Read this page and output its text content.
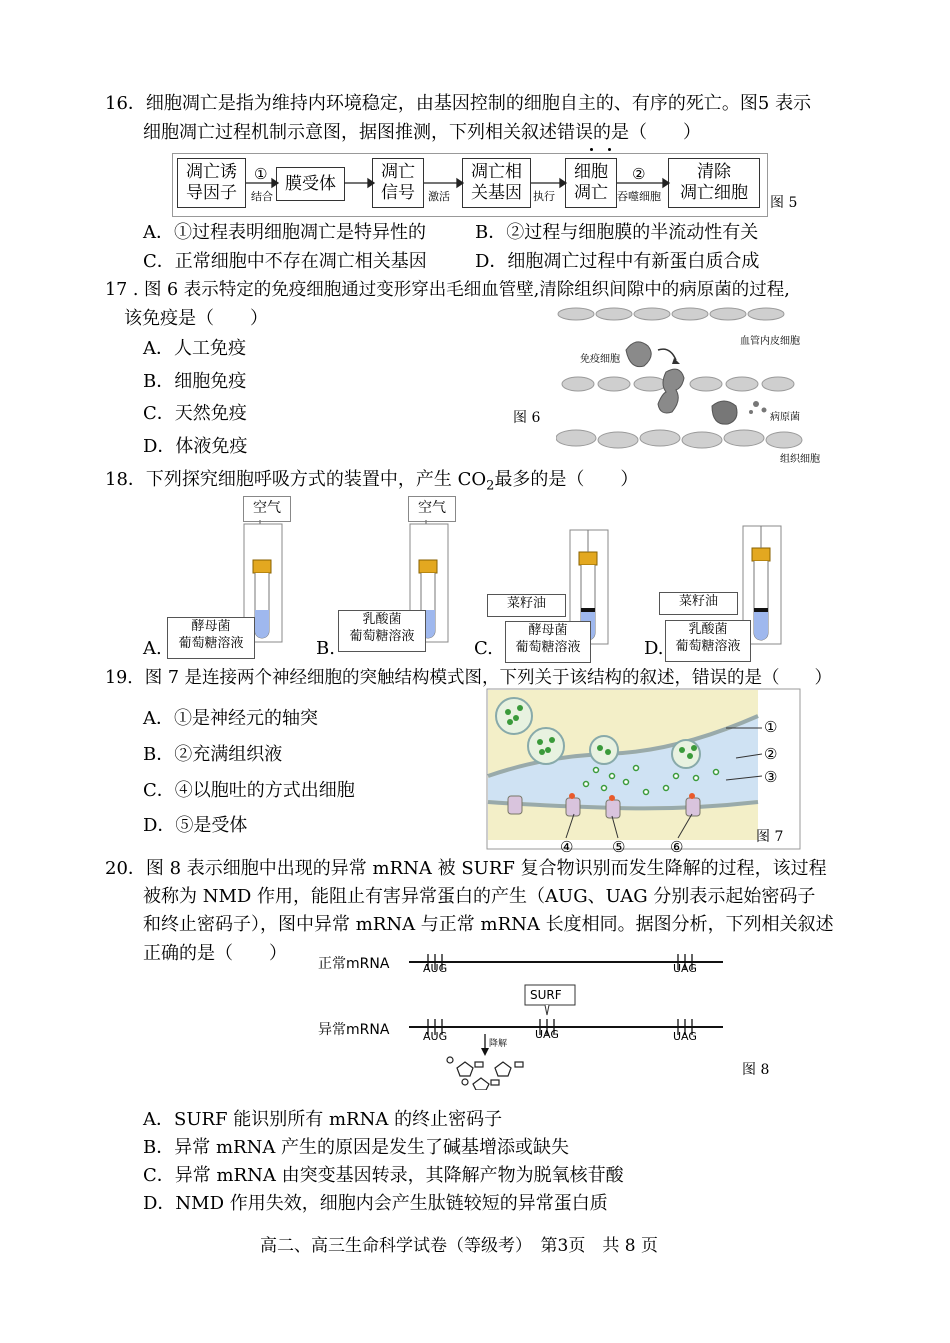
16．细胞凋亡是指为维持内环境稳定，由基因控制的细胞自主的、有序的死亡。图5 表示
细胞凋亡过程机制示意图，据图推测，下列相关叙述错误的是（　　）
凋亡诱
导因子	膜受体
凋亡
信号
凋亡相
关基因
细胞
凋亡
清除
凋亡细胞
①
结合	激活	执行
②
吞噬细胞	图 5
A．①过程表明细胞凋亡是特异性的	B．②过程与细胞膜的半流动性有关
C．正常细胞中不存在凋亡相关基因	D．细胞凋亡过程中有新蛋白质合成
17 . 图 6 表示特定的免疫细胞通过变形穿出毛细血管壁,清除组织间隙中的病原菌的过程,
该免疫是（　　）
A．人工免疫
B．细胞免疫
C．天然免疫
D．体液免疫
图 6
血管内皮细胞
免疫细胞
病原菌
组织细胞
18．下列探究细胞呼吸方式的装置中，产生 $CO_2$最多的是（　　）
A.
空气
酵母菌
葡萄糖溶液	B.
空气
乳酸菌
葡萄糖溶液
C.
菜籽油
酵母菌
葡萄糖溶液	D.
菜籽油
乳酸菌
葡萄糖溶液
19．图 7 是连接两个神经细胞的突触结构模式图，下列关于该结构的叙述，错误的是（　　）
A．①是神经元的轴突
B．②充满组织液
C．④以胞吐的方式出细胞
D．⑤是受体
①
②
③
④	⑤	⑥
图 7
20．图 8 表示细胞中出现的异常 mRNA 被 SURF 复合物识别而发生降解的过程，该过程
被称为 NMD 作用，能阻止有害异常蛋白的产生（AUG、UAG 分别表示起始密码子
和终止密码子），图中异常 mRNA 与正常 mRNA 长度相同。据图分析，下列相关叙述
正确的是（　　） 正常mRNA
异常mRNA
AUG	UAG
AUG	UAG	UAG
SURF
降解
图 8
A．SURF 能识别所有 mRNA 的终止密码子
B．异常 mRNA 产生的原因是发生了碱基增添或缺失
C．异常 mRNA 由突变基因转录，其降解产物为脱氧核苷酸
D．NMD 作用失效，细胞内会产生肽链较短的异常蛋白质
高二、高三生命科学试卷（等级考）　第3页　共 8 页
